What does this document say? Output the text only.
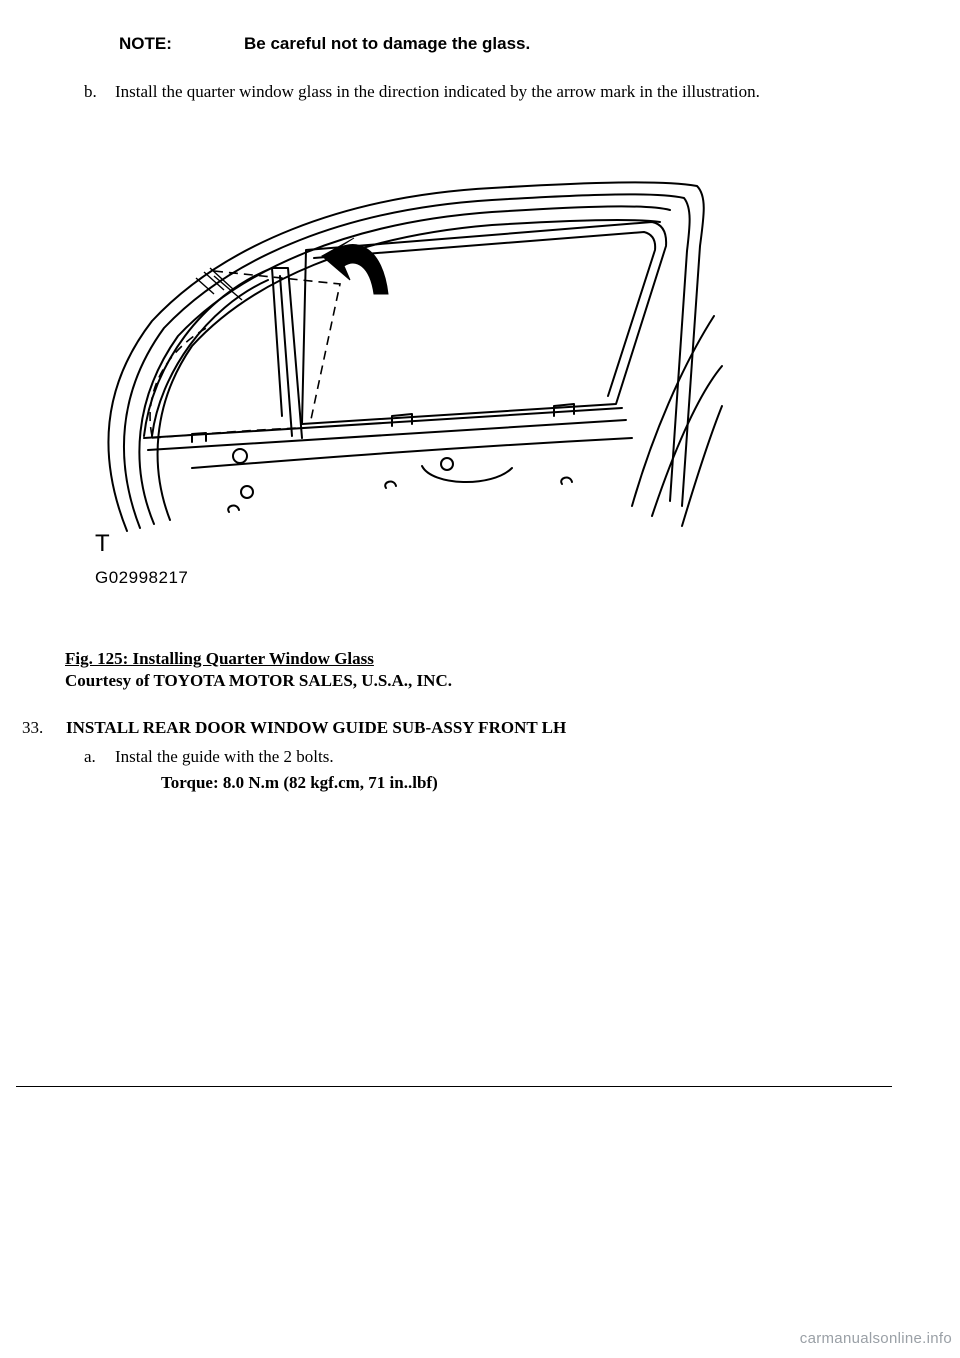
NOTE:	Be careful not to damage the glass.
b. Install the quarter window glass in the direction indicated by the arrow mark in the illustration.
T
G02998217
Fig. 125: Installing Quarter Window Glass
Courtesy of TOYOTA MOTOR SALES, U.S.A., INC.
33. INSTALL REAR DOOR WINDOW GUIDE SUB-ASSY FRONT LH
a. Instal the guide with the 2 bolts.
Torque: 8.0 N.m (82 kgf.cm, 71 in..lbf)
carmanualsonline.info
